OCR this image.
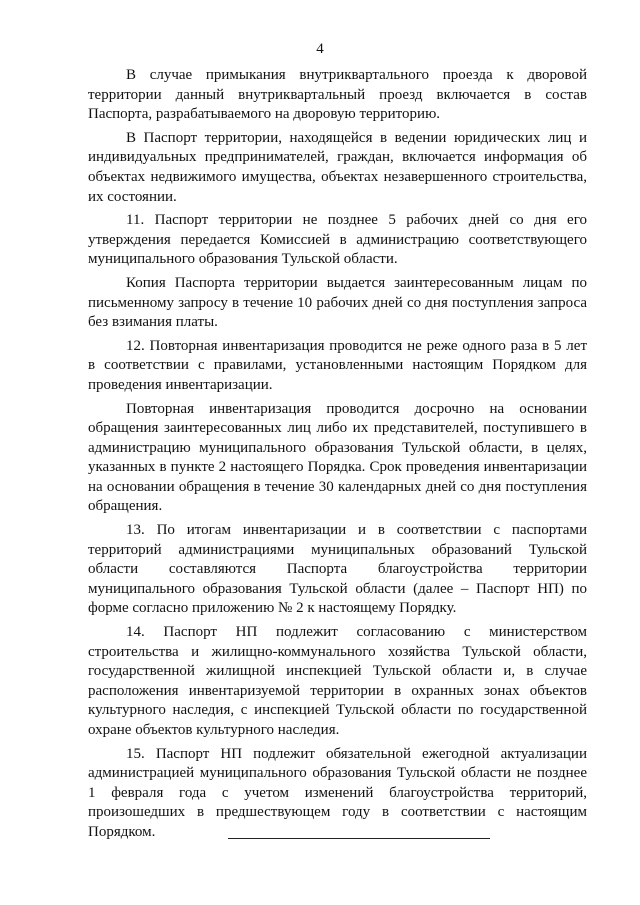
4

В случае примыкания внутриквартального проезда к дворовой территории данный внутриквартальный проезд включается в состав Паспорта, разрабатываемого на дворовую территорию.

В Паспорт территории, находящейся в ведении юридических лиц и индивидуальных предпринимателей, граждан, включается информация об объектах недвижимого имущества, объектах незавершенного строительства, их состоянии.

11. Паспорт территории не позднее 5 рабочих дней со дня его утверждения передается Комиссией в администрацию соответствующего муниципального образования Тульской области.

Копия Паспорта территории выдается заинтересованным лицам по письменному запросу в течение 10 рабочих дней со дня поступления запроса без взимания платы.

12. Повторная инвентаризация проводится не реже одного раза в 5 лет в соответствии с правилами, установленными настоящим Порядком для проведения инвентаризации.

Повторная инвентаризация проводится досрочно на основании обращения заинтересованных лиц либо их представителей, поступившего в администрацию муниципального образования Тульской области, в целях, указанных в пункте 2 настоящего Порядка. Срок проведения инвентаризации на основании обращения в течение 30 календарных дней со дня поступления обращения.

13. По итогам инвентаризации и в соответствии с паспортами территорий администрациями муниципальных образований Тульской области составляются Паспорта благоустройства территории муниципального образования Тульской области (далее – Паспорт НП) по форме согласно приложению № 2 к настоящему Порядку.

14. Паспорт НП подлежит согласованию с министерством строительства и жилищно-коммунального хозяйства Тульской области, государственной жилищной инспекцией Тульской области и, в случае расположения инвентаризуемой территории в охранных зонах объектов культурного наследия, с инспекцией Тульской области по государственной охране объектов культурного наследия.

15. Паспорт НП подлежит обязательной ежегодной актуализации администрацией муниципального образования Тульской области не позднее 1 февраля года с учетом изменений благоустройства территорий, произошедших в предшествующем году в соответствии с настоящим Порядком.
